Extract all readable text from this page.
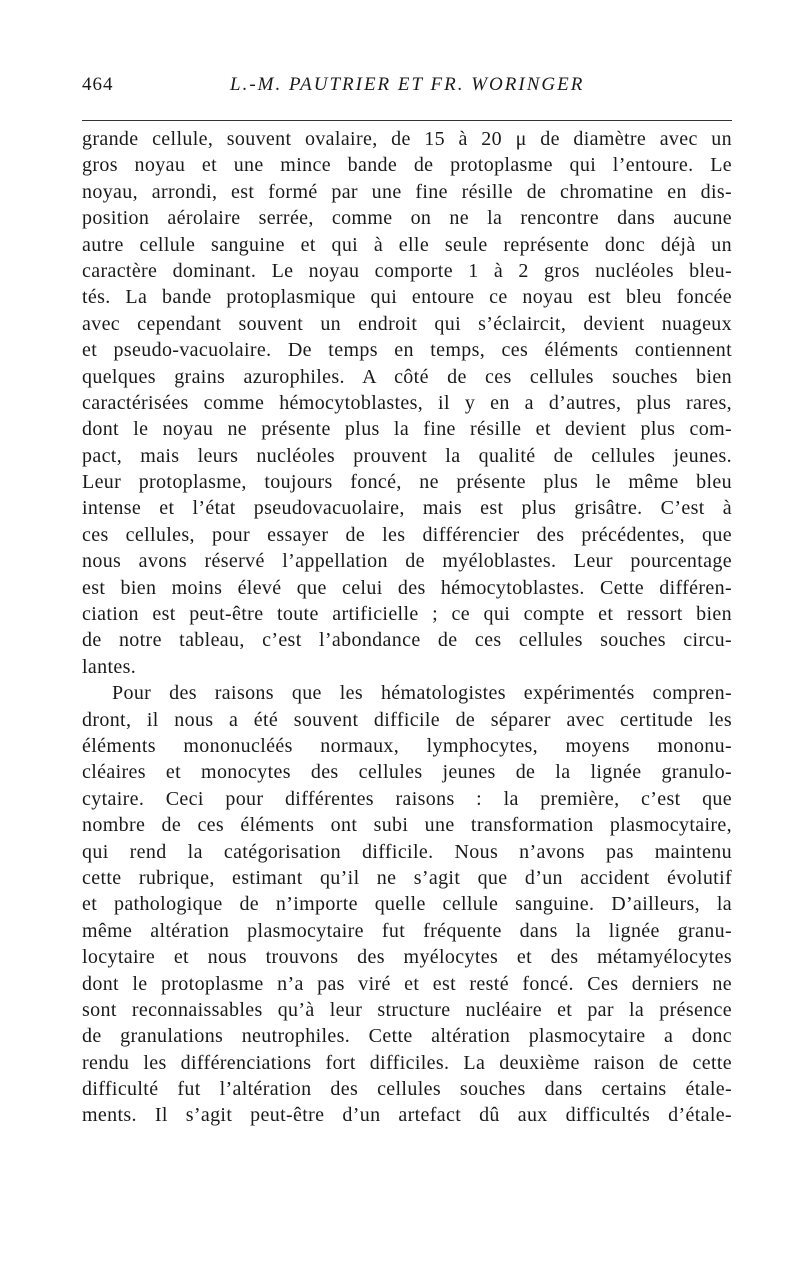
464	L.-M. PAUTRIER ET FR. WORINGER
grande cellule, souvent ovalaire, de 15 à 20 μ de diamètre avec un
gros noyau et une mince bande de protoplasme qui l’entoure. Le
noyau, arrondi, est formé par une fine résille de chromatine en dis-
position aérolaire serrée, comme on ne la rencontre dans aucune
autre cellule sanguine et qui à elle seule représente donc déjà un
caractère dominant. Le noyau comporte 1 à 2 gros nucléoles bleu-
tés. La bande protoplasmique qui entoure ce noyau est bleu foncée
avec cependant souvent un endroit qui s’éclaircit, devient nuageux
et pseudo-vacuolaire. De temps en temps, ces éléments contiennent
quelques grains azurophiles. A côté de ces cellules souches bien
caractérisées comme hémocytoblastes, il y en a d’autres, plus rares,
dont le noyau ne présente plus la fine résille et devient plus com-
pact, mais leurs nucléoles prouvent la qualité de cellules jeunes.
Leur protoplasme, toujours foncé, ne présente plus le même bleu
intense et l’état pseudovacuolaire, mais est plus grisâtre. C’est à
ces cellules, pour essayer de les différencier des précédentes, que
nous avons réservé l’appellation de myéloblastes. Leur pourcentage
est bien moins élevé que celui des hémocytoblastes. Cette différen-
ciation est peut-être toute artificielle ; ce qui compte et ressort bien
de notre tableau, c’est l’abondance de ces cellules souches circu-
lantes.
Pour des raisons que les hématologistes expérimentés compren-
dront, il nous a été souvent difficile de séparer avec certitude les
éléments mononucléés normaux, lymphocytes, moyens mononu-
cléaires et monocytes des cellules jeunes de la lignée granulo-
cytaire. Ceci pour différentes raisons : la première, c’est que
nombre de ces éléments ont subi une transformation plasmocytaire,
qui rend la catégorisation difficile. Nous n’avons pas maintenu
cette rubrique, estimant qu’il ne s’agit que d’un accident évolutif
et pathologique de n’importe quelle cellule sanguine. D’ailleurs, la
même altération plasmocytaire fut fréquente dans la lignée granu-
locytaire et nous trouvons des myélocytes et des métamyélocytes
dont le protoplasme n’a pas viré et est resté foncé. Ces derniers ne
sont reconnaissables qu’à leur structure nucléaire et par la présence
de granulations neutrophiles. Cette altération plasmocytaire a donc
rendu les différenciations fort difficiles. La deuxième raison de cette
difficulté fut l’altération des cellules souches dans certains étale-
ments. Il s’agit peut-être d’un artefact dû aux difficultés d’étale-
